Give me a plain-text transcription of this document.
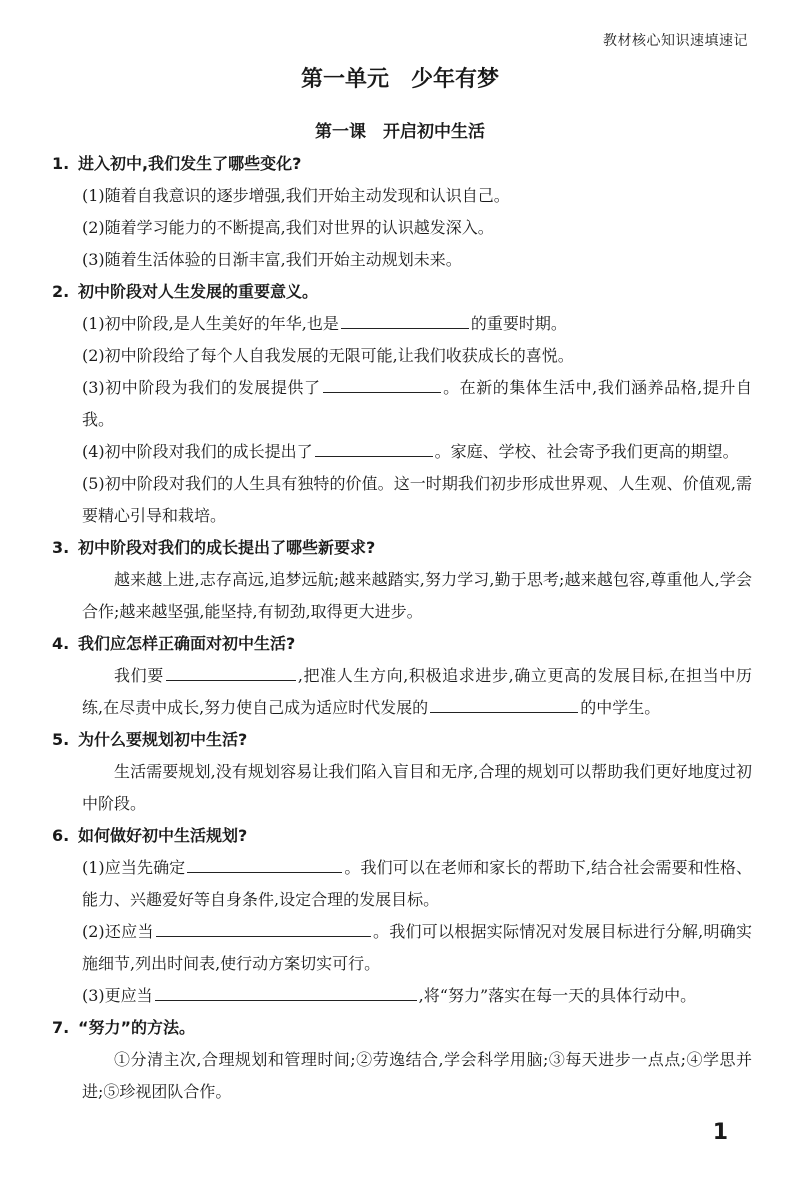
教材核心知识速填速记
第一单元　少年有梦
第一课　开启初中生活
1. 进入初中,我们发生了哪些变化?

(1)随着自我意识的逐步增强,我们开始主动发现和认识自己。

(2)随着学习能力的不断提高,我们对世界的认识越发深入。

(3)随着生活体验的日渐丰富,我们开始主动规划未来。

2. 初中阶段对人生发展的重要意义。

(1)初中阶段,是人生美好的年华,也是	的重要时期。

(2)初中阶段给了每个人自我发展的无限可能,让我们收获成长的喜悦。

(3)初中阶段为我们的发展提供了	。在新的集体生活中,我们涵养品格,提升自我。

(4)初中阶段对我们的成长提出了	。家庭、学校、社会寄予我们更高的期望。

(5)初中阶段对我们的人生具有独特的价值。这一时期我们初步形成世界观、人生观、价值观,需要精心引导和栽培。

3. 初中阶段对我们的成长提出了哪些新要求?

越来越上进,志存高远,追梦远航;越来越踏实,努力学习,勤于思考;越来越包容,尊重他人,学会合作;越来越坚强,能坚持,有韧劲,取得更大进步。

4. 我们应怎样正确面对初中生活?

我们要	,把准人生方向,积极追求进步,确立更高的发展目标,在担当中历练,在尽责中成长,努力使自己成为适应时代发展的	的中学生。

5. 为什么要规划初中生活?

生活需要规划,没有规划容易让我们陷入盲目和无序,合理的规划可以帮助我们更好地度过初中阶段。

6. 如何做好初中生活规划?

(1)应当先确定	。我们可以在老师和家长的帮助下,结合社会需要和性格、能力、兴趣爱好等自身条件,设定合理的发展目标。

(2)还应当	。我们可以根据实际情况对发展目标进行分解,明确实施细节,列出时间表,使行动方案切实可行。

(3)更应当	,将“努力”落实在每一天的具体行动中。

7. “努力”的方法。

①分清主次,合理规划和管理时间;②劳逸结合,学会科学用脑;③每天进步一点点;④学思并进;⑤珍视团队合作。

1
